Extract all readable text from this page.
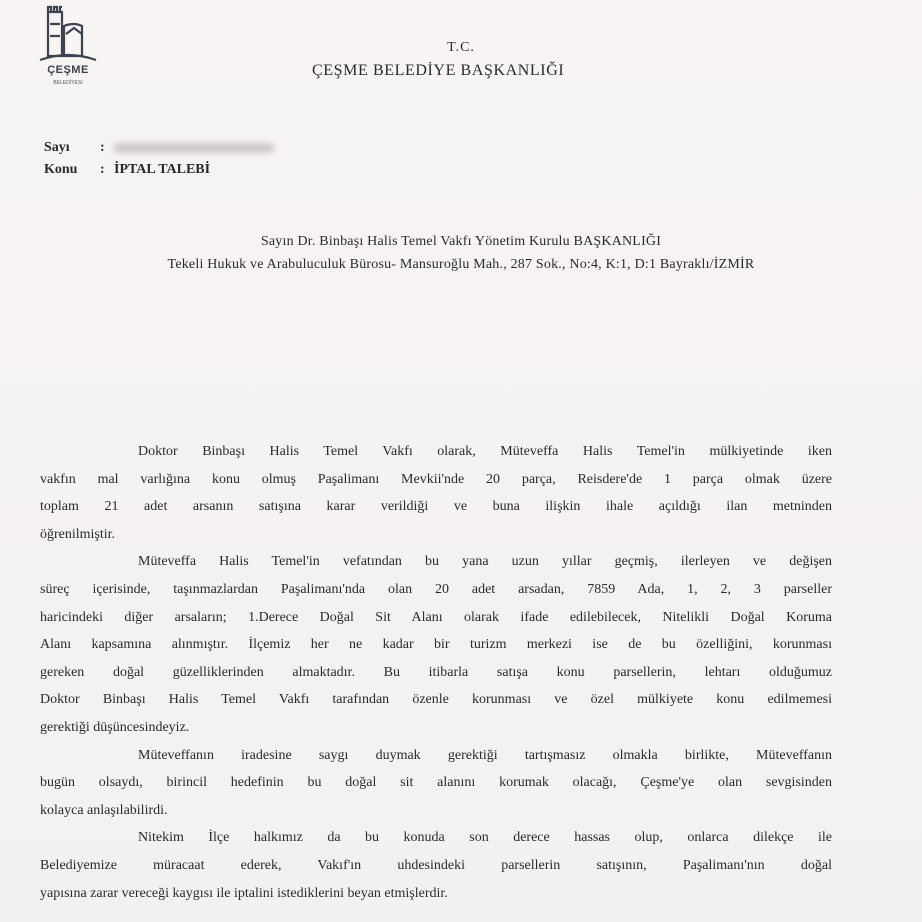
ÇEŞME
BELEDİYESİ
T.C.
ÇEŞME BELEDİYE BAŞKANLIĞI
Sayı :
Konu : İPTAL TALEBİ
Sayın Dr. Binbaşı Halis Temel Vakfı Yönetim Kurulu BAŞKANLIĞI
Tekeli Hukuk ve Arabuluculuk Bürosu- Mansuroğlu Mah., 287 Sok., No:4, K:1, D:1 Bayraklı/İZMİR

Doktor Binbaşı Halis Temel Vakfı olarak, Müteveffa Halis Temel'in mülkiyetinde iken
vakfın mal varlığına konu olmuş Paşalimanı Mevkii'nde 20 parça, Reisdere'de 1 parça olmak üzere
toplam 21 adet arsanın satışına karar verildiği ve buna ilişkin ihale açıldığı ilan metninden
öğrenilmiştir.

Müteveffa Halis Temel'in vefatından bu yana uzun yıllar geçmiş, ilerleyen ve değişen
süreç içerisinde, taşınmazlardan Paşalimanı'nda olan 20 adet arsadan, 7859 Ada, 1, 2, 3 parseller
haricindeki diğer arsaların; 1.Derece Doğal Sit Alanı olarak ifade edilebilecek, Nitelikli Doğal Koruma
Alanı kapsamına alınmıştır. İlçemiz her ne kadar bir turizm merkezi ise de bu özelliğini, korunması
gereken doğal güzelliklerinden almaktadır. Bu itibarla satışa konu parsellerin, lehtarı olduğumuz
Doktor Binbaşı Halis Temel Vakfı tarafından özenle korunması ve özel mülkiyete konu edilmemesi
gerektiği düşüncesindeyiz.

Müteveffanın iradesine saygı duymak gerektiği tartışmasız olmakla birlikte, Müteveffanın
bugün olsaydı, birincil hedefinin bu doğal sit alanını korumak olacağı, Çeşme'ye olan sevgisinden
kolayca anlaşılabilirdi.

Nitekim İlçe halkımız da bu konuda son derece hassas olup, onlarca dilekçe ile
Belediyemize müracaat ederek, Vakıf'ın uhdesindeki parsellerin satışının, Paşalimanı'nın doğal
yapısına zarar vereceği kaygısı ile iptalini istediklerini beyan etmişlerdir.
